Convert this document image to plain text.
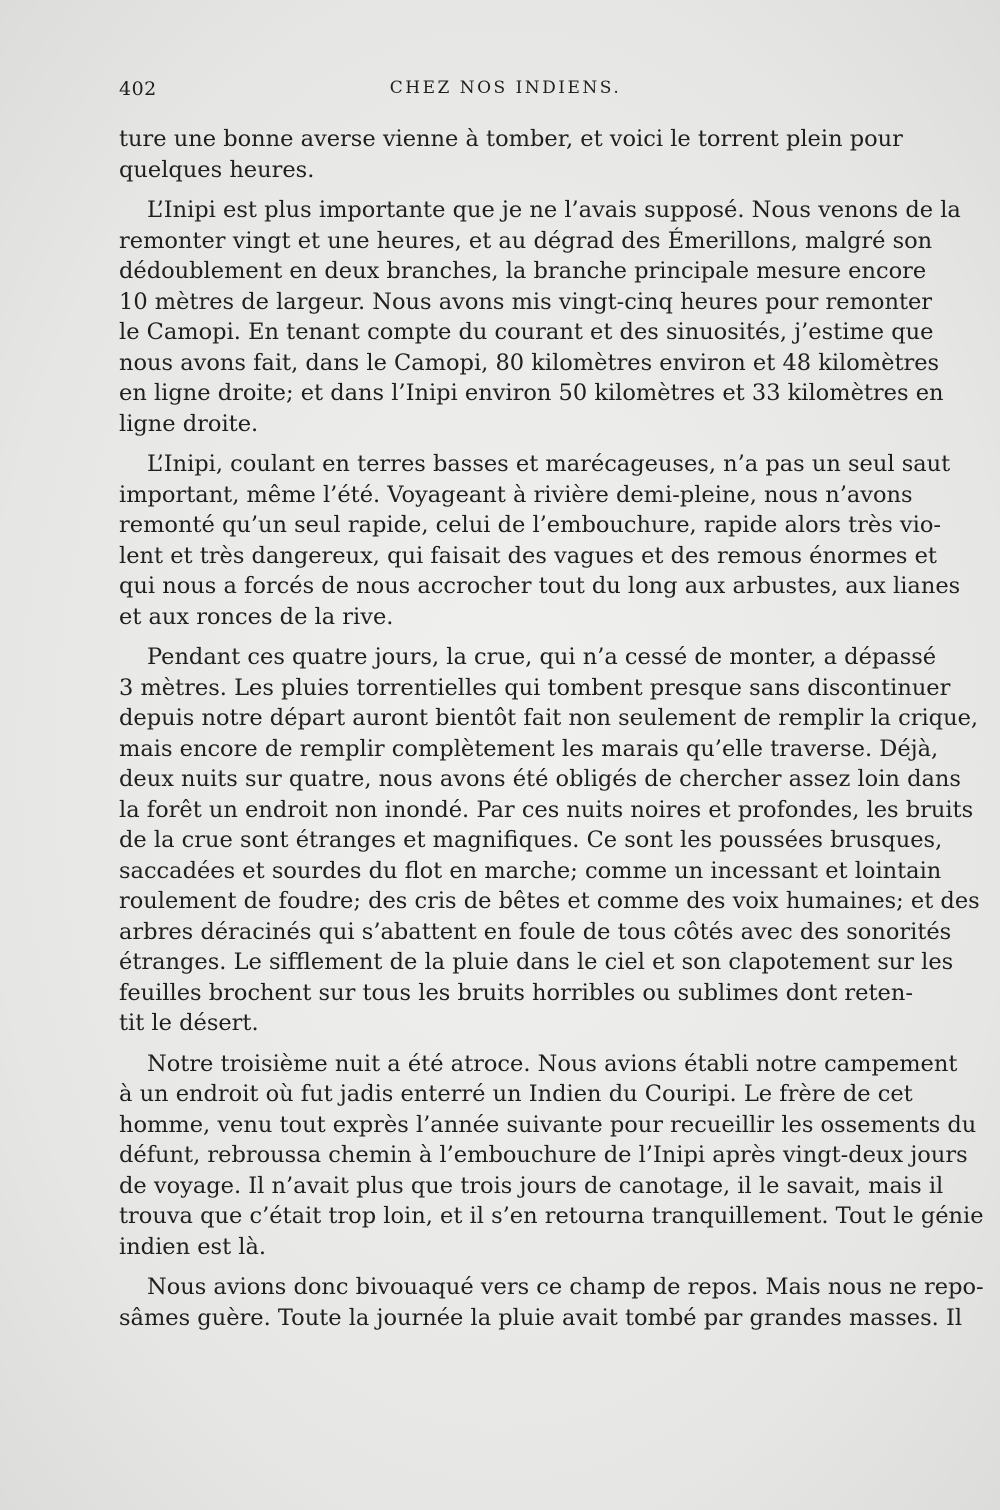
402	CHEZ NOS INDIENS.

ture une bonne averse vienne à tomber, et voici le torrent plein pour
quelques heures.

L’Inipi est plus importante que je ne l’avais supposé. Nous venons de la
remonter vingt et une heures, et au dégrad des Émerillons, malgré son
dédoublement en deux branches, la branche principale mesure encore
10 mètres de largeur. Nous avons mis vingt-cinq heures pour remonter
le Camopi. En tenant compte du courant et des sinuosités, j’estime que
nous avons fait, dans le Camopi, 80 kilomètres environ et 48 kilomètres
en ligne droite; et dans l’Inipi environ 50 kilomètres et 33 kilomètres en
ligne droite.

L’Inipi, coulant en terres basses et marécageuses, n’a pas un seul saut
important, même l’été. Voyageant à rivière demi-pleine, nous n’avons
remonté qu’un seul rapide, celui de l’embouchure, rapide alors très vio-
lent et très dangereux, qui faisait des vagues et des remous énormes et
qui nous a forcés de nous accrocher tout du long aux arbustes, aux lianes
et aux ronces de la rive.

Pendant ces quatre jours, la crue, qui n’a cessé de monter, a dépassé
3 mètres. Les pluies torrentielles qui tombent presque sans discontinuer
depuis notre départ auront bientôt fait non seulement de remplir la crique,
mais encore de remplir complètement les marais qu’elle traverse. Déjà,
deux nuits sur quatre, nous avons été obligés de chercher assez loin dans
la forêt un endroit non inondé. Par ces nuits noires et profondes, les bruits
de la crue sont étranges et magnifiques. Ce sont les poussées brusques,
saccadées et sourdes du flot en marche; comme un incessant et lointain
roulement de foudre; des cris de bêtes et comme des voix humaines; et des
arbres déracinés qui s’abattent en foule de tous côtés avec des sonorités
étranges. Le sifflement de la pluie dans le ciel et son clapotement sur les
feuilles brochent sur tous les bruits horribles ou sublimes dont reten-
tit le désert.

Notre troisième nuit a été atroce. Nous avions établi notre campement
à un endroit où fut jadis enterré un Indien du Couripi. Le frère de cet
homme, venu tout exprès l’année suivante pour recueillir les ossements du
défunt, rebroussa chemin à l’embouchure de l’Inipi après vingt-deux jours
de voyage. Il n’avait plus que trois jours de canotage, il le savait, mais il
trouva que c’était trop loin, et il s’en retourna tranquillement. Tout le génie
indien est là.

Nous avions donc bivouaqué vers ce champ de repos. Mais nous ne repo-
sâmes guère. Toute la journée la pluie avait tombé par grandes masses. Il
